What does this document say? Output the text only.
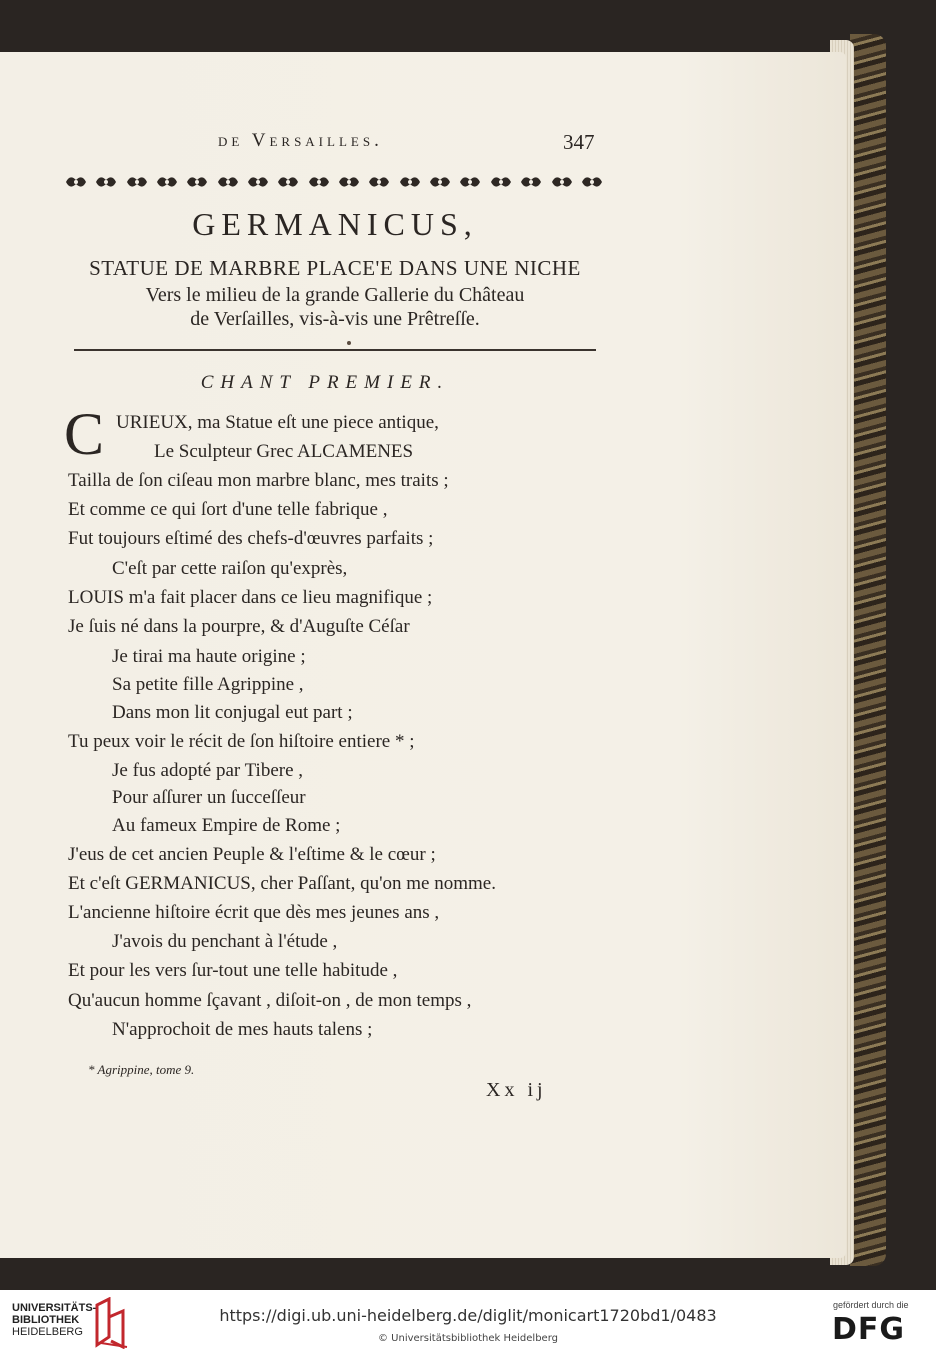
de Versailles.	347
GERMANICUS,
STATUE DE MARBRE PLACE'E DANS UNE NICHE
Vers le milieu de la grande Gallerie du Château
de Verſailles, vis-à-vis une Prêtreſſe.
CHANT PREMIER.
C URIEUX, ma Statue eſt une piece antique,
Le Sculpteur Grec ALCAMENES
Tailla de ſon ciſeau mon marbre blanc, mes traits ;
Et comme ce qui ſort d'une telle fabrique ,
Fut toujours eſtimé des chefs-d'œuvres parfaits ;
C'eſt par cette raiſon qu'exprès,
LOUIS m'a fait placer dans ce lieu magnifique ;
Je ſuis né dans la pourpre, & d'Auguſte Céſar
Je tirai ma haute origine ;
Sa petite fille Agrippine ,
Dans mon lit conjugal eut part ;
Tu peux voir le récit de ſon hiſtoire entiere * ;
Je fus adopté par Tibere ,
Pour aſſurer un ſucceſſeur
Au fameux Empire de Rome ;
J'eus de cet ancien Peuple & l'eſtime & le cœur ;
Et c'eſt GERMANICUS, cher Paſſant, qu'on me nomme.
L'ancienne hiſtoire écrit que dès mes jeunes ans ,
J'avois du penchant à l'étude ,
Et pour les vers ſur-tout une telle habitude ,
Qu'aucun homme ſçavant , diſoit-on , de mon temps ,
N'approchoit de mes hauts talens ;
* Agrippine, tome 9.
Xx ij
UNIVERSITÄTS-
BIBLIOTHEK
HEIDELBERG
https://digi.ub.uni-heidelberg.de/diglit/monicart1720bd1/0483
© Universitätsbibliothek Heidelberg
gefördert durch die
DFG
